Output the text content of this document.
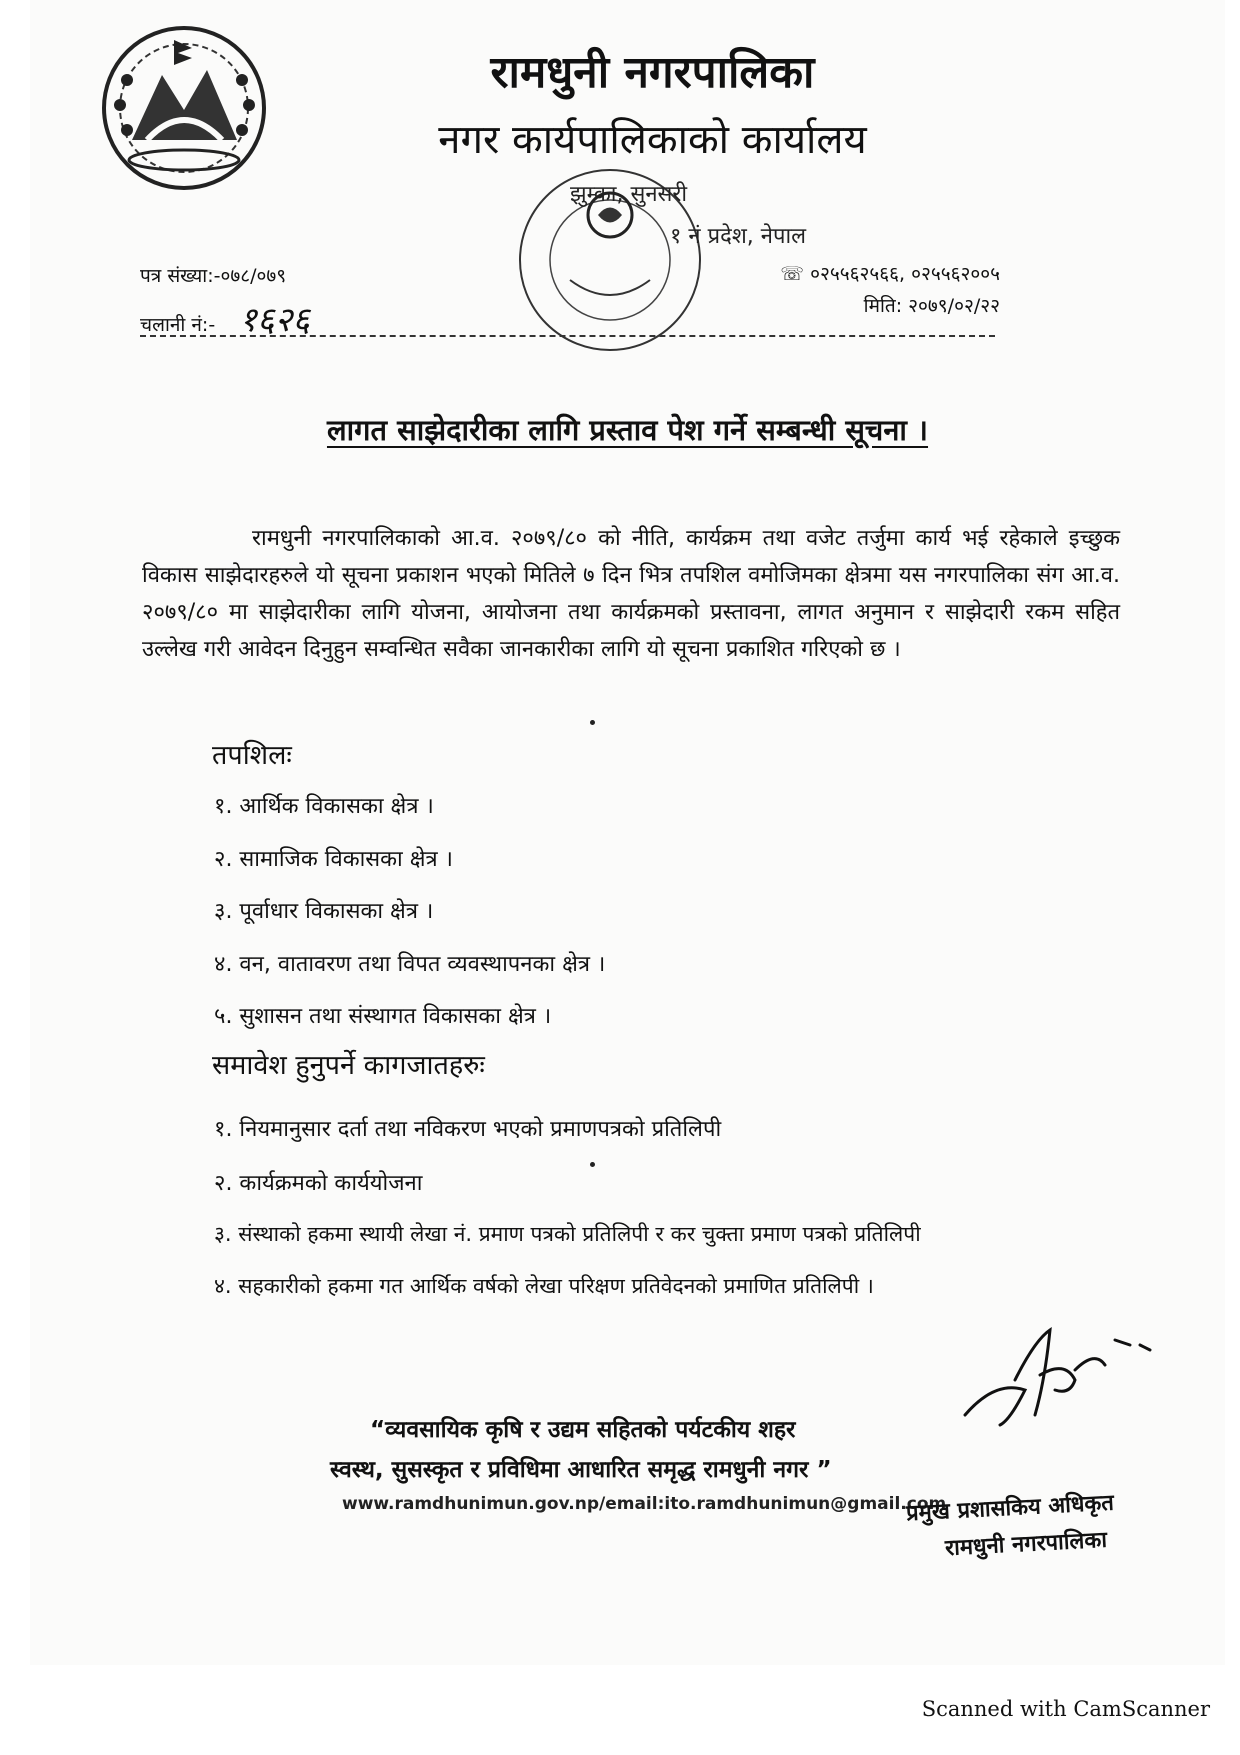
रामधुनी नगरपालिका
नगर कार्यपालिकाको कार्यालय
झुम्का, सुनसरी
१ नं प्रदेश, नेपाल
पत्र संख्या:-०७८/०७९
चलानी नं:- १६२६
☏ ०२५५६२५६६, ०२५५६२००५
मिति: २०७९/०२/२२
लागत साझेदारीका लागि प्रस्ताव पेश गर्ने सम्बन्धी सूचना ।
रामधुनी नगरपालिकाको आ.व. २०७९/८० को नीति, कार्यक्रम तथा वजेट तर्जुमा कार्य भई रहेकाले इच्छुक विकास साझेदारहरुले यो सूचना प्रकाशन भएको मितिले ७ दिन भित्र तपशिल वमोजिमका क्षेत्रमा यस नगरपालिका संग आ.व. २०७९/८० मा साझेदारीका लागि योजना, आयोजना तथा कार्यक्रमको प्रस्तावना, लागत अनुमान र साझेदारी रकम सहित उल्लेख गरी आवेदन दिनुहुन सम्वन्धित सवैका जानकारीका लागि यो सूचना प्रकाशित गरिएको छ ।
तपशिलः
१. आर्थिक विकासका क्षेत्र ।
२. सामाजिक विकासका क्षेत्र ।
३. पूर्वाधार विकासका क्षेत्र ।
४. वन, वातावरण तथा विपत व्यवस्थापनका क्षेत्र ।
५. सुशासन तथा संस्थागत विकासका क्षेत्र ।
समावेश हुनुपर्ने कागजातहरुः
१. नियमानुसार दर्ता तथा नविकरण भएको प्रमाणपत्रको प्रतिलिपी
२. कार्यक्रमको कार्ययोजना
३. संस्थाको हकमा स्थायी लेखा नं. प्रमाण पत्रको प्रतिलिपी र कर चुक्ता प्रमाण पत्रको प्रतिलिपी
४. सहकारीको हकमा गत आर्थिक वर्षको लेखा परिक्षण प्रतिवेदनको प्रमाणित प्रतिलिपी ।
“व्यवसायिक कृषि र उद्यम सहितको पर्यटकीय शहर
स्वस्थ, सुसस्कृत र प्रविधिमा आधारित समृद्ध रामधुनी नगर ”
www.ramdhunimun.gov.np/email:ito.ramdhunimun@gmail.com
प्रमुख प्रशासकिय अधिकृत
रामधुनी नगरपालिका
Scanned with CamScanner
